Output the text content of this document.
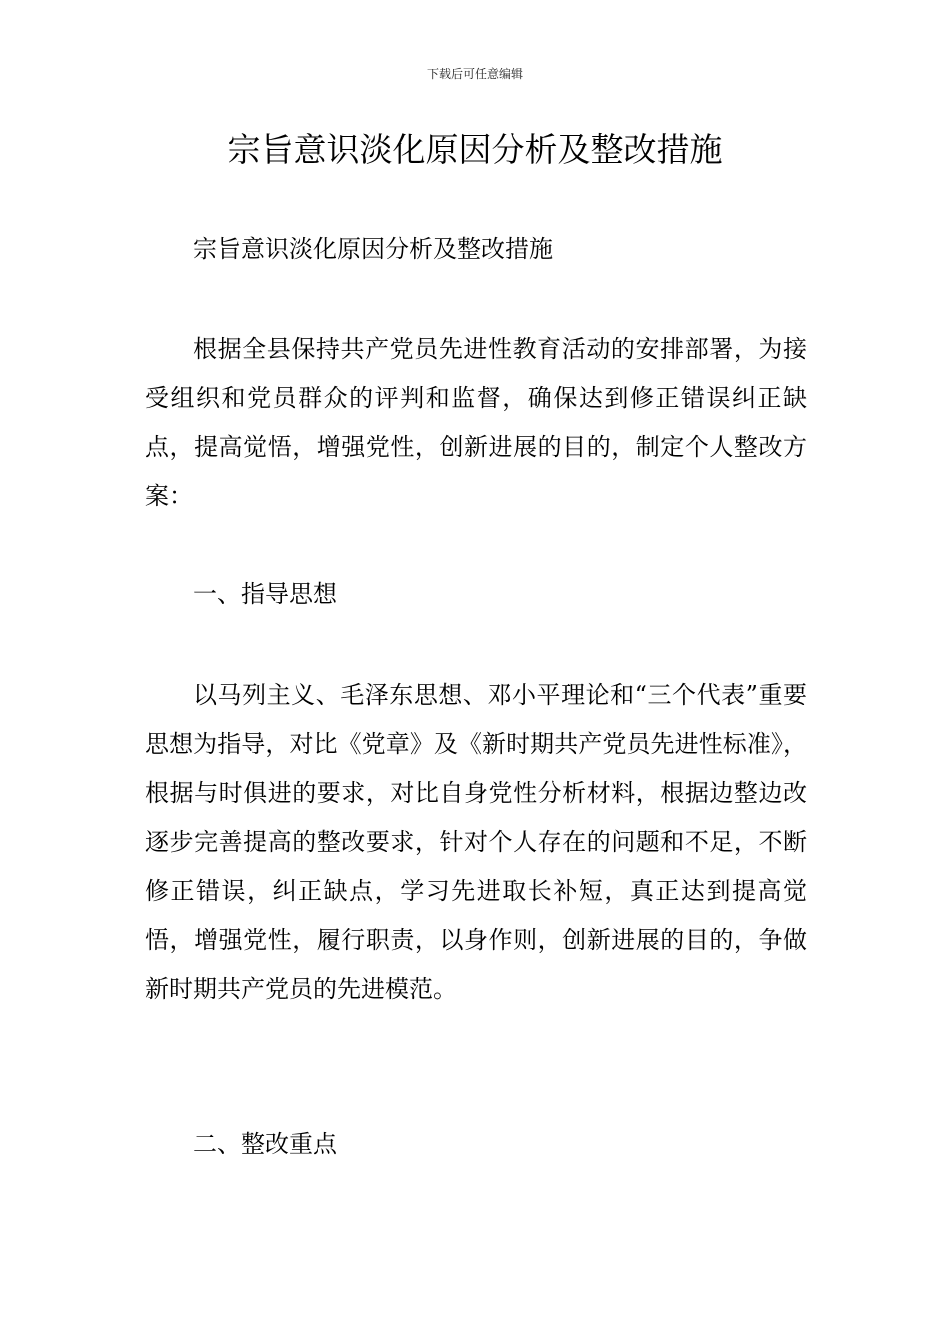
下载后可任意编辑
宗旨意识淡化原因分析及整改措施

宗旨意识淡化原因分析及整改措施

根据全县保持共产党员先进性教育活动的安排部署，为接受组织和党员群众的评判和监督，确保达到修正错误纠正缺点，提高觉悟，增强党性，创新进展的目的，制定个人整改方案：

一、指导思想

以马列主义、毛泽东思想、邓小平理论和“三个代表”重要思想为指导，对比《党章》及《新时期共产党员先进性标准》，根据与时俱进的要求，对比自身党性分析材料，根据边整边改逐步完善提高的整改要求，针对个人存在的问题和不足，不断修正错误，纠正缺点，学习先进取长补短，真正达到提高觉悟，增强党性，履行职责，以身作则，创新进展的目的，争做新时期共产党员的先进模范。

二、整改重点
